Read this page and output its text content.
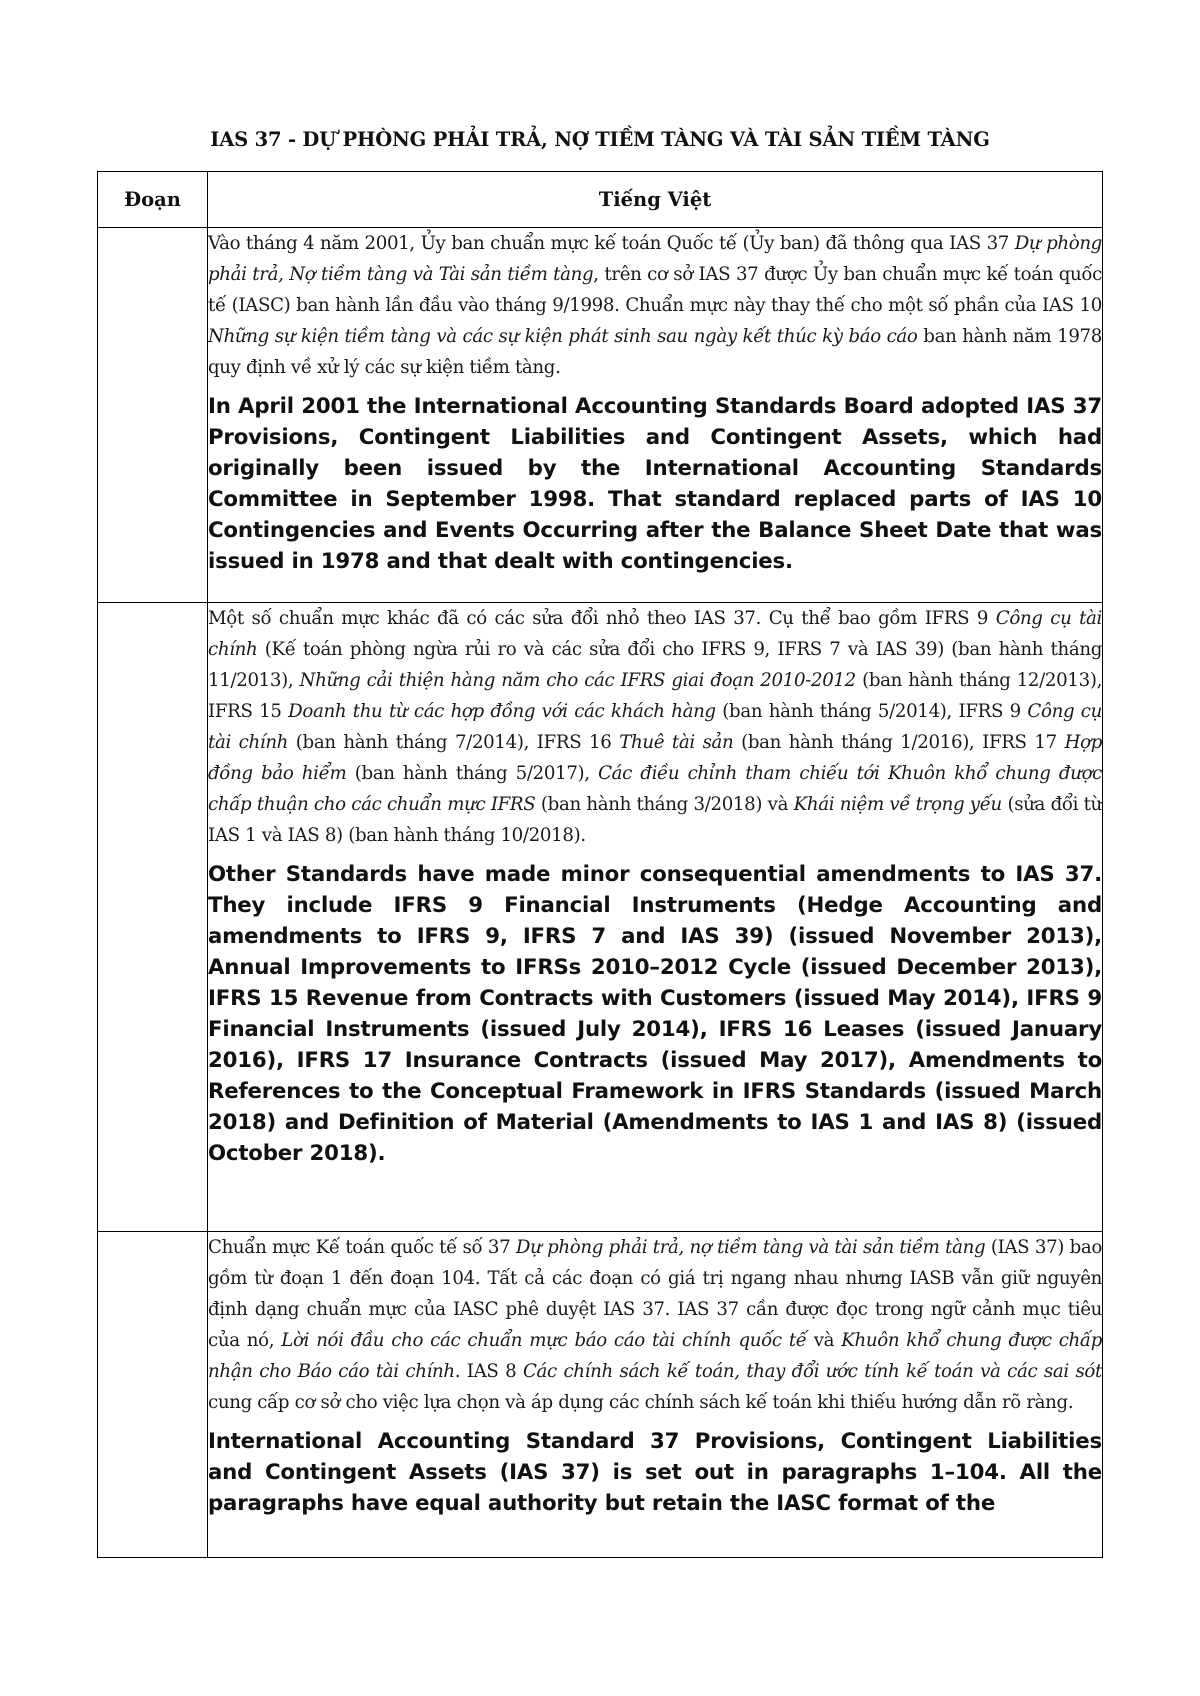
IAS 37 - DỰ PHÒNG PHẢI TRẢ, NỢ TIỀM TÀNG VÀ TÀI SẢN TIỀM TÀNG
Đoạn	Tiếng Việt

	Vào tháng 4 năm 2001, Ủy ban chuẩn mực kế toán Quốc tế (Ủy ban) đã thông qua IAS 37 Dự phòng phải trả, Nợ tiềm tàng và Tài sản tiềm tàng, trên cơ sở IAS 37 được Ủy ban chuẩn mực kế toán quốc tế (IASC) ban hành lần đầu vào tháng 9/1998. Chuẩn mực này thay thế cho một số phần của IAS 10 Những sự kiện tiềm tàng và các sự kiện phát sinh sau ngày kết thúc kỳ báo cáo ban hành năm 1978 quy định về xử lý các sự kiện tiềm tàng.

In April 2001 the International Accounting Standards Board adopted IAS 37 Provisions, Contingent Liabilities and Contingent Assets, which had originally been issued by the International Accounting Standards Committee in September 1998. That standard replaced parts of IAS 10 Contingencies and Events Occurring after the Balance Sheet Date that was issued in 1978 and that dealt with contingencies.

	Một số chuẩn mực khác đã có các sửa đổi nhỏ theo IAS 37. Cụ thể bao gồm IFRS 9 Công cụ tài chính (Kế toán phòng ngừa rủi ro và các sửa đổi cho IFRS 9, IFRS 7 và IAS 39) (ban hành tháng 11/2013), Những cải thiện hàng năm cho các IFRS giai đoạn 2010-2012 (ban hành tháng 12/2013), IFRS 15 Doanh thu từ các hợp đồng với các khách hàng (ban hành tháng 5/2014), IFRS 9 Công cụ tài chính (ban hành tháng 7/2014), IFRS 16 Thuê tài sản (ban hành tháng 1/2016), IFRS 17 Hợp đồng bảo hiểm (ban hành tháng 5/2017), Các điều chỉnh tham chiếu tới Khuôn khổ chung được chấp thuận cho các chuẩn mực IFRS (ban hành tháng 3/2018) và Khái niệm về trọng yếu (sửa đổi từ IAS 1 và IAS 8) (ban hành tháng 10/2018).

Other Standards have made minor consequential amendments to IAS 37. They include IFRS 9 Financial Instruments (Hedge Accounting and amendments to IFRS 9, IFRS 7 and IAS 39) (issued November 2013), Annual Improvements to IFRSs 2010–2012 Cycle (issued December 2013), IFRS 15 Revenue from Contracts with Customers (issued May 2014), IFRS 9 Financial Instruments (issued July 2014), IFRS 16 Leases (issued January 2016), IFRS 17 Insurance Contracts (issued May 2017), Amendments to References to the Conceptual Framework in IFRS Standards (issued March 2018) and Definition of Material (Amendments to IAS 1 and IAS 8) (issued October 2018).

	Chuẩn mực Kế toán quốc tế số 37 Dự phòng phải trả, nợ tiềm tàng và tài sản tiềm tàng (IAS 37) bao gồm từ đoạn 1 đến đoạn 104. Tất cả các đoạn có giá trị ngang nhau nhưng IASB vẫn giữ nguyên định dạng chuẩn mực của IASC phê duyệt IAS 37. IAS 37 cần được đọc trong ngữ cảnh mục tiêu của nó, Lời nói đầu cho các chuẩn mực báo cáo tài chính quốc tế và Khuôn khổ chung được chấp nhận cho Báo cáo tài chính. IAS 8 Các chính sách kế toán, thay đổi ước tính kế toán và các sai sót cung cấp cơ sở cho việc lựa chọn và áp dụng các chính sách kế toán khi thiếu hướng dẫn rõ ràng.

International Accounting Standard 37 Provisions, Contingent Liabilities and Contingent Assets (IAS 37) is set out in paragraphs 1–104. All the paragraphs have equal authority but retain the IASC format of the
